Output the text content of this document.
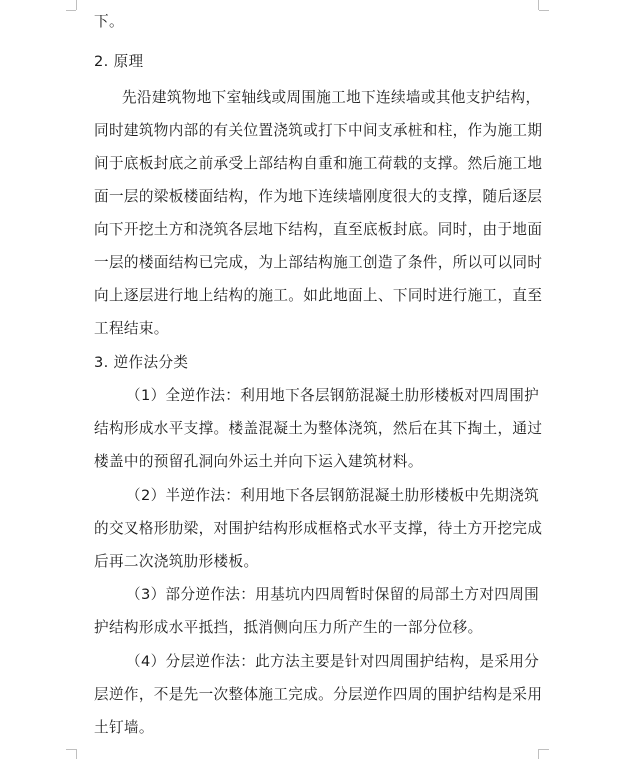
下。
2. 原理
先沿建筑物地下室轴线或周围施工地下连续墙或其他支护结构，
同时建筑物内部的有关位置浇筑或打下中间支承桩和柱，作为施工期
间于底板封底之前承受上部结构自重和施工荷载的支撑。然后施工地
面一层的梁板楼面结构，作为地下连续墙刚度很大的支撑，随后逐层
向下开挖土方和浇筑各层地下结构，直至底板封底。同时，由于地面
一层的楼面结构已完成，为上部结构施工创造了条件，所以可以同时
向上逐层进行地上结构的施工。如此地面上、下同时进行施工，直至
工程结束。
3. 逆作法分类
（1）全逆作法：利用地下各层钢筋混凝土肋形楼板对四周围护
结构形成水平支撑。楼盖混凝土为整体浇筑，然后在其下掏土，通过
楼盖中的预留孔洞向外运土并向下运入建筑材料。
（2）半逆作法：利用地下各层钢筋混凝土肋形楼板中先期浇筑
的交叉格形肋梁，对围护结构形成框格式水平支撑，待土方开挖完成
后再二次浇筑肋形楼板。
（3）部分逆作法：用基坑内四周暂时保留的局部土方对四周围
护结构形成水平抵挡，抵消侧向压力所产生的一部分位移。
（4）分层逆作法：此方法主要是针对四周围护结构，是采用分
层逆作，不是先一次整体施工完成。分层逆作四周的围护结构是采用
土钉墙。
